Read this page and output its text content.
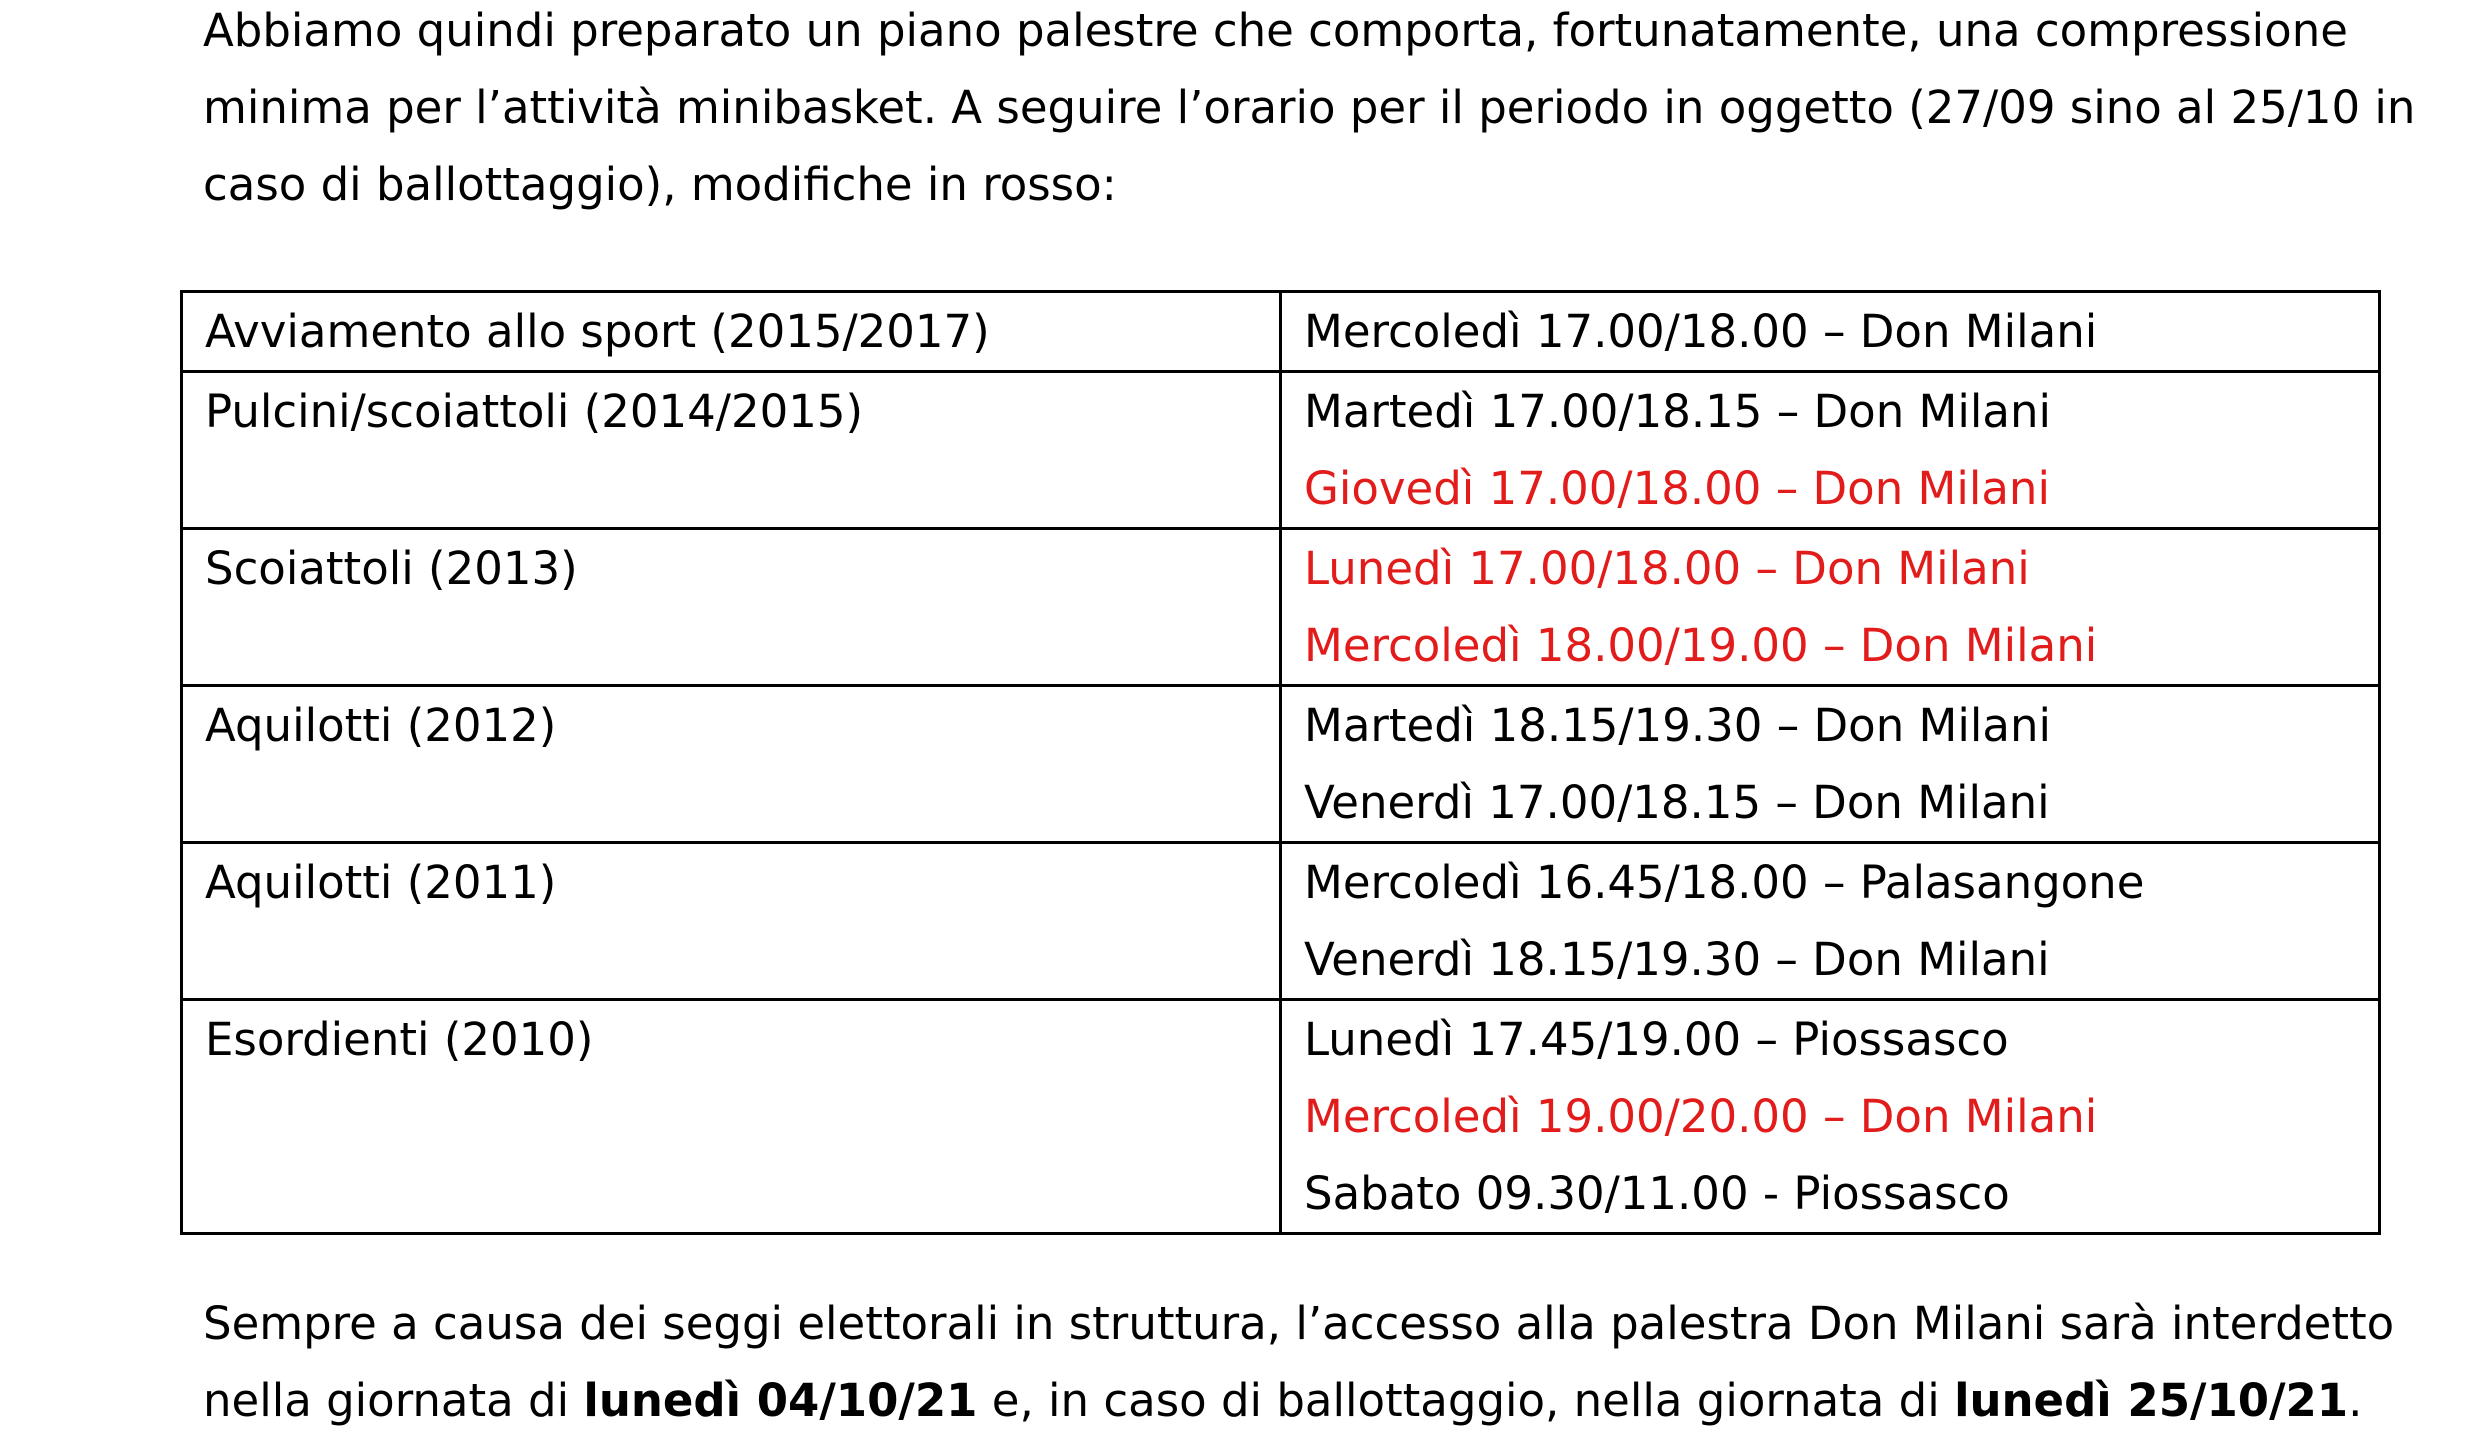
Abbiamo quindi preparato un piano palestre che comporta, fortunatamente, una compressione
minima per l’attività minibasket. A seguire l’orario per il periodo in oggetto (27/09 sino al 25/10 in
caso di ballottaggio), modifiche in rosso:

Avviamento allo sport (2015/2017)	Mercoledì 17.00/18.00 – Don Milani

Pulcini/scoiattoli (2014/2015)	Martedì 17.00/18.15 – Don Milani
Giovedì 17.00/18.00 – Don Milani

Scoiattoli (2013)	Lunedì 17.00/18.00 – Don Milani
Mercoledì 18.00/19.00 – Don Milani

Aquilotti (2012)	Martedì 18.15/19.30 – Don Milani
Venerdì 17.00/18.15 – Don Milani

Aquilotti (2011)	Mercoledì 16.45/18.00 – Palasangone
Venerdì 18.15/19.30 – Don Milani

Esordienti (2010)	Lunedì 17.45/19.00 – Piossasco
Mercoledì 19.00/20.00 – Don Milani
Sabato 09.30/11.00 - Piossasco

Sempre a causa dei seggi elettorali in struttura, l’accesso alla palestra Don Milani sarà interdetto
nella giornata di lunedì 04/10/21 e, in caso di ballottaggio, nella giornata di lunedì 25/10/21.
